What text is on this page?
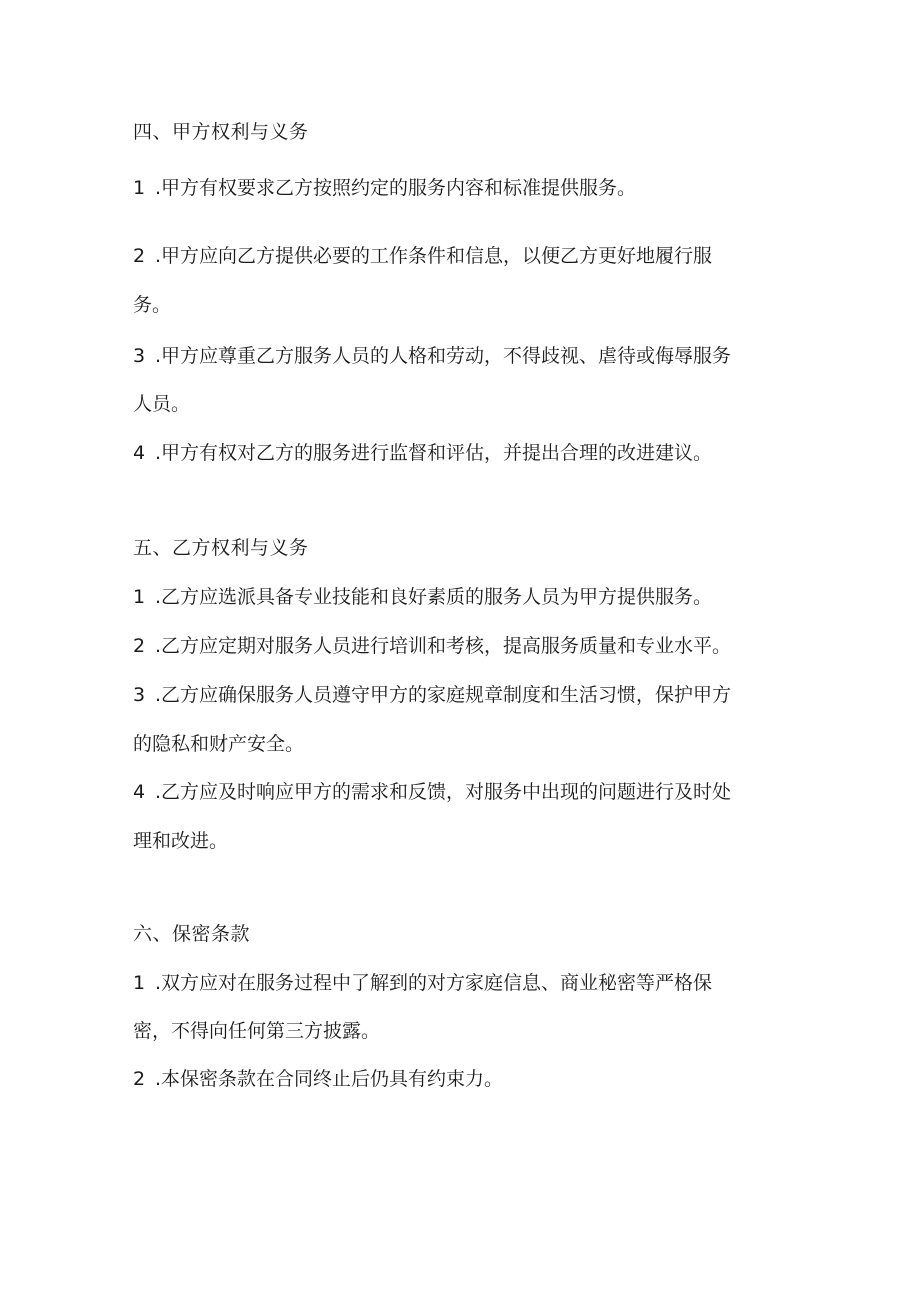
四、甲方权利与义务
1 .甲方有权要求乙方按照约定的服务内容和标准提供服务。
2 .甲方应向乙方提供必要的工作条件和信息，以便乙方更好地履行服
务。
3 .甲方应尊重乙方服务人员的人格和劳动，不得歧视、虐待或侮辱服务
人员。
4 .甲方有权对乙方的服务进行监督和评估，并提出合理的改进建议。
五、乙方权利与义务
1 .乙方应选派具备专业技能和良好素质的服务人员为甲方提供服务。
2 .乙方应定期对服务人员进行培训和考核，提高服务质量和专业水平。
3 .乙方应确保服务人员遵守甲方的家庭规章制度和生活习惯，保护甲方
的隐私和财产安全。
4 .乙方应及时响应甲方的需求和反馈，对服务中出现的问题进行及时处
理和改进。
六、保密条款
1 .双方应对在服务过程中了解到的对方家庭信息、商业秘密等严格保
密，不得向任何第三方披露。
2 .本保密条款在合同终止后仍具有约束力。
